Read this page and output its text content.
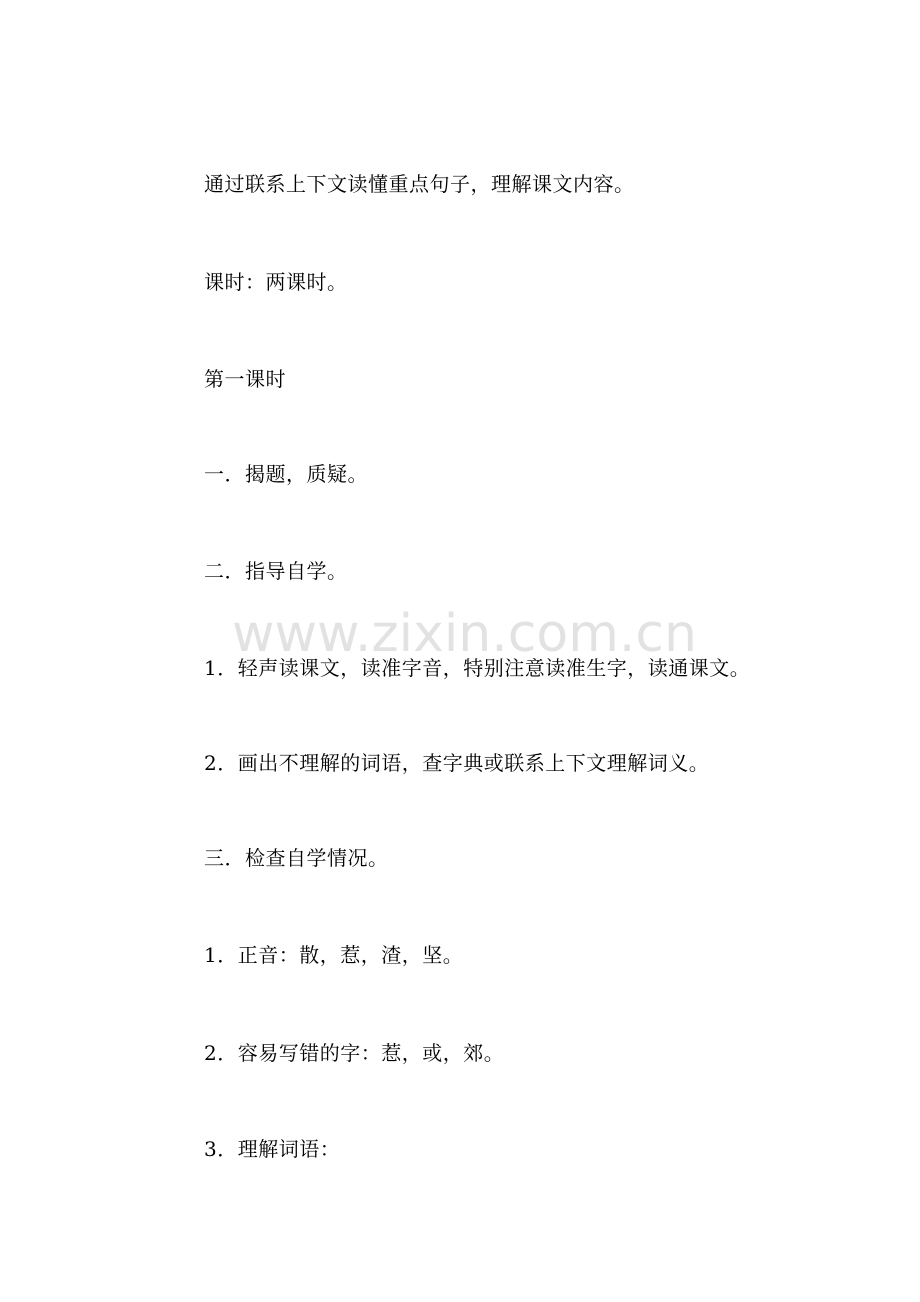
通过联系上下文读懂重点句子，理解课文内容。
课时：两课时。
第一课时
一．揭题，质疑。
二．指导自学。
www.zixin.com.cn
1．轻声读课文，读准字音，特别注意读准生字，读通课文。
2．画出不理解的词语，查字典或联系上下文理解词义。
三．检查自学情况。
1．正音：散，惹，渣，坚。
2．容易写错的字：惹，或，郊。
3．理解词语：
